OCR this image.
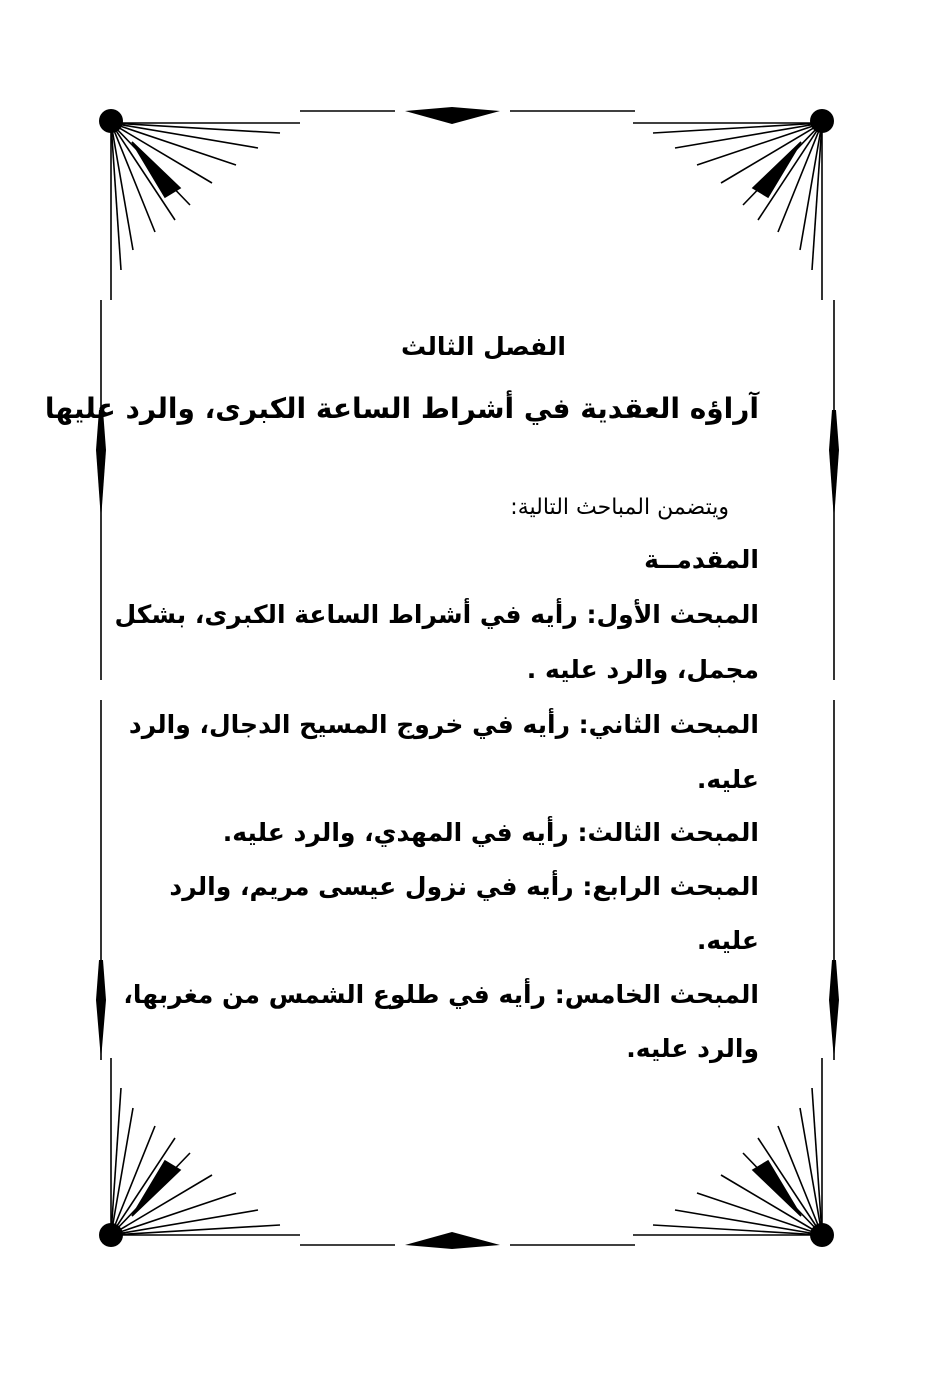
الفصل الثالث
آراؤه العقدية في أشراط الساعة الكبرى، والرد عليها
ويتضمن المباحث التالية:
المقدمــة
المبحث الأول: رأيه في أشراط الساعة الكبرى، بشكل
مجمل، والرد عليه .
المبحث الثاني: رأيه في خروج المسيح الدجال، والرد
عليه.
المبحث الثالث: رأيه في المهدي، والرد عليه.
المبحث الرابع: رأيه في نزول عيسى مريم، والرد
عليه.
المبحث الخامس: رأيه في طلوع الشمس من مغربها،
والرد عليه.
